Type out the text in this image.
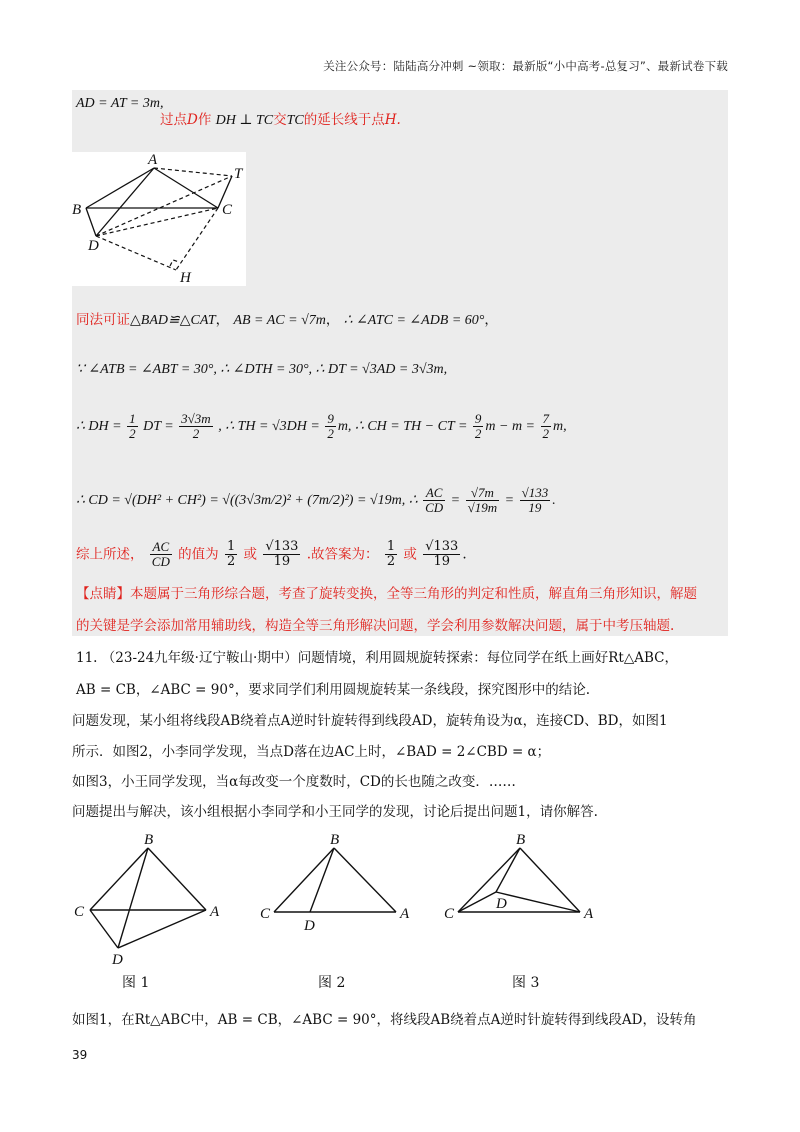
关注公众号：陆陆高分冲刺 ~领取：最新版“小中高考-总复习”、最新试卷下载
AD = AT = 3m,
过点D作 DH ⊥ TC交TC的延长线于点H.
A
T
B	C
D
H
同法可证△BAD≌△CAT， AB = AC = √7m， ∴ ∠ATC = ∠ADB = 60°，
∵ ∠ATB = ∠ABT = 30°, ∴ ∠DTH = 30°, ∴ DT = √3AD = 3√3m,
∴ DH = $\frac{1}{2}$ DT = $\frac{3√3m}{2}$ , ∴ TH = $√3DH = \frac{9}{2} m$, ∴ CH = TH − CT = $\frac{9}{2}$ $m - m = \frac{7}{2} m$,
∴ CD = √(DH² + CH²) = √((3√3m/2)² + (7m/2)²) = √19m, ∴ $\frac{AC}{CD} = \frac{√7m}{√19m} = \frac{√133}{19}$ .
综上所述， $\frac{AC}{CD}$ 的值为 $\frac{1}{2}$ 或 $\frac{√133}{19}$ .故答案为： $\frac{1}{2}$ 或 $\frac{√133}{19}$ .
【点睛】本题属于三角形综合题，考查了旋转变换，全等三角形的判定和性质，解直角三角形知识，解题
的关键是学会添加常用辅助线，构造全等三角形解决问题，学会利用参数解决问题，属于中考压轴题.
11. （23-24九年级·辽宁鞍山·期中）问题情境，利用圆规旋转探索：每位同学在纸上画好Rt△ABC，
AB = CB，∠ABC = 90°，要求同学们利用圆规旋转某一条线段，探究图形中的结论.
问题发现，某小组将线段AB绕着点A逆时针旋转得到线段AD，旋转角设为α，连接CD、BD，如图1
所示．如图2，小李同学发现，当点D落在边AC上时，∠BAD = 2∠CBD = α；
如图3，小王同学发现，当α每改变一个度数时，CD的长也随之改变．……
问题提出与解决，该小组根据小李同学和小王同学的发现，讨论后提出问题1，请你解答.
B
C	A
D
B
C	A
D
B
C	A
D
图 1	图 2	图 3
如图1，在Rt△ABC中，AB = CB，∠ABC = 90°，将线段AB绕着点A逆时针旋转得到线段AD，设转角
39
